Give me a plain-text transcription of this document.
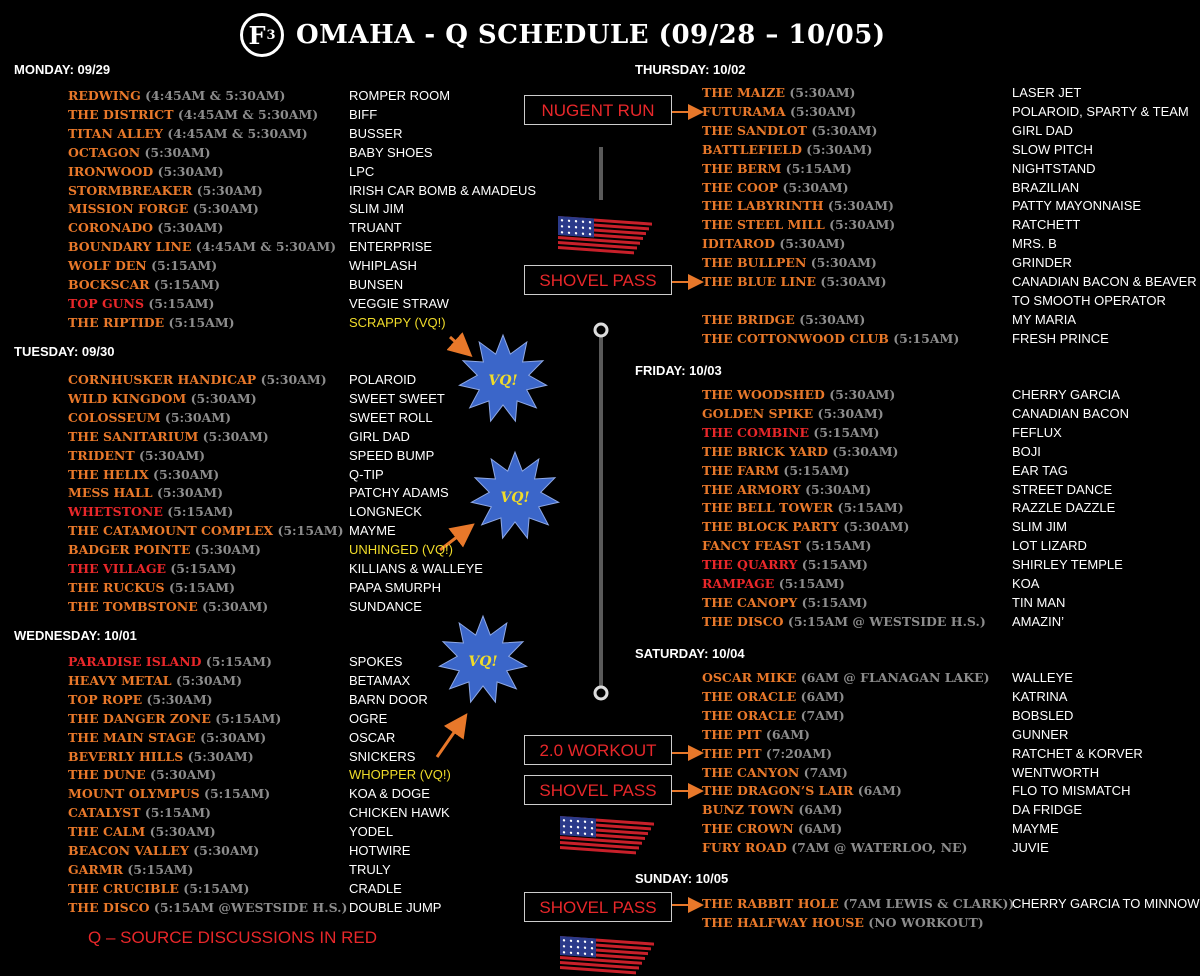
F 3 OMAHA - Q SCHEDULE (09/28 – 10/05)
VQ!
VQ!
VQ!
MONDAY: 09/29
REDWING (4:45AM & 5:30AM)	ROMPER ROOM
THE DISTRICT (4:45AM & 5:30AM) BIFF
TITAN ALLEY (4:45AM & 5:30AM)	BUSSER
OCTAGON (5:30AM)	BABY SHOES
IRONWOOD (5:30AM)	LPC
STORMBREAKER (5:30AM)	IRISH CAR BOMB & AMADEUS
MISSION FORGE (5:30AM)	SLIM JIM
CORONADO (5:30AM)	TRUANT
BOUNDARY LINE (4:45AM & 5:30AM) ENTERPRISE
WOLF DEN (5:15AM)	WHIPLASH
BOCKSCAR (5:15AM)	BUNSEN
TOP GUNS (5:15AM)	VEGGIE STRAW
THE RIPTIDE (5:15AM)	SCRAPPY (VQ!)
TUESDAY: 09/30
CORNHUSKER HANDICAP (5:30AM) POLAROID
WILD KINGDOM (5:30AM)	SWEET SWEET
COLOSSEUM (5:30AM)	SWEET ROLL
THE SANITARIUM (5:30AM)	GIRL DAD
TRIDENT (5:30AM)	SPEED BUMP
THE HELIX (5:30AM)	Q-TIP
MESS HALL (5:30AM)	PATCHY ADAMS
WHETSTONE (5:15AM)	LONGNECK
THE CATAMOUNT COMPLEX (5:15AM) MAYME
BADGER POINTE (5:30AM)	UNHINGED (VQ!)
THE VILLAGE (5:15AM)	KILLIANS & WALLEYE
THE RUCKUS (5:15AM)	PAPA SMURPH
THE TOMBSTONE (5:30AM)	SUNDANCE
WEDNESDAY: 10/01
PARADISE ISLAND (5:15AM)	SPOKES
HEAVY METAL (5:30AM)	BETAMAX
TOP ROPE (5:30AM)	BARN DOOR
THE DANGER ZONE (5:15AM)	OGRE
THE MAIN STAGE (5:30AM)	OSCAR
BEVERLY HILLS (5:30AM)	SNICKERS
THE DUNE (5:30AM)	WHOPPER (VQ!)
MOUNT OLYMPUS (5:15AM)	KOA & DOGE
CATALYST (5:15AM)	CHICKEN HAWK
THE CALM (5:30AM)	YODEL
BEACON VALLEY (5:30AM)	HOTWIRE
GARMR (5:15AM)	TRULY
THE CRUCIBLE (5:15AM)	CRADLE
THE DISCO (5:15AM @WESTSIDE H.S.) DOUBLE JUMP
THURSDAY: 10/02
THE MAIZE (5:30AM)	LASER JET
FUTURAMA (5:30AM)	POLAROID, SPARTY & TEAM
THE SANDLOT (5:30AM)	GIRL DAD
BATTLEFIELD (5:30AM)	SLOW PITCH
THE BERM (5:15AM)	NIGHTSTAND
THE COOP (5:30AM)	BRAZILIAN
THE LABYRINTH (5:30AM)	PATTY MAYONNAISE
THE STEEL MILL (5:30AM)	RATCHETT
IDITAROD (5:30AM)	MRS. B
THE BULLPEN (5:30AM)	GRINDER
THE BLUE LINE (5:30AM)	CANADIAN BACON & BEAVER
TO SMOOTH OPERATOR
THE BRIDGE (5:30AM)	MY MARIA
THE COTTONWOOD CLUB (5:15AM)	FRESH PRINCE
FRIDAY: 10/03
THE WOODSHED (5:30AM)	CHERRY GARCIA
GOLDEN SPIKE (5:30AM)	CANADIAN BACON
THE COMBINE (5:15AM)	FEFLUX
THE BRICK YARD (5:30AM)	BOJI
THE FARM (5:15AM)	EAR TAG
THE ARMORY (5:30AM)	STREET DANCE
THE BELL TOWER (5:15AM)	RAZZLE DAZZLE
THE BLOCK PARTY (5:30AM)	SLIM JIM
FANCY FEAST (5:15AM)	LOT LIZARD
THE QUARRY (5:15AM)	SHIRLEY TEMPLE
RAMPAGE (5:15AM)	KOA
THE CANOPY (5:15AM)	TIN MAN
THE DISCO (5:15AM @ WESTSIDE H.S.) AMAZIN’
SATURDAY: 10/04
OSCAR MIKE (6AM @ FLANAGAN LAKE) WALLEYE
THE ORACLE (6AM)	KATRINA
THE ORACLE (7AM)	BOBSLED
THE PIT (6AM)	GUNNER
THE PIT (7:20AM)	RATCHET & KORVER
THE CANYON (7AM)	WENTWORTH
THE DRAGON’S LAIR (6AM)	FLO TO MISMATCH
BUNZ TOWN (6AM)	DA FRIDGE
THE CROWN (6AM)	MAYME
FURY ROAD (7AM @ WATERLOO, NE)	JUVIE
SUNDAY: 10/05
THE RABBIT HOLE (7AM LEWIS & CLARK))
CHERRY GARCIA TO MINNOW
THE HALFWAY HOUSE (NO WORKOUT)
NUGENT RUN
SHOVEL PASS
2.0 WORKOUT
SHOVEL PASS
SHOVEL PASS
Q – SOURCE DISCUSSIONS IN RED
